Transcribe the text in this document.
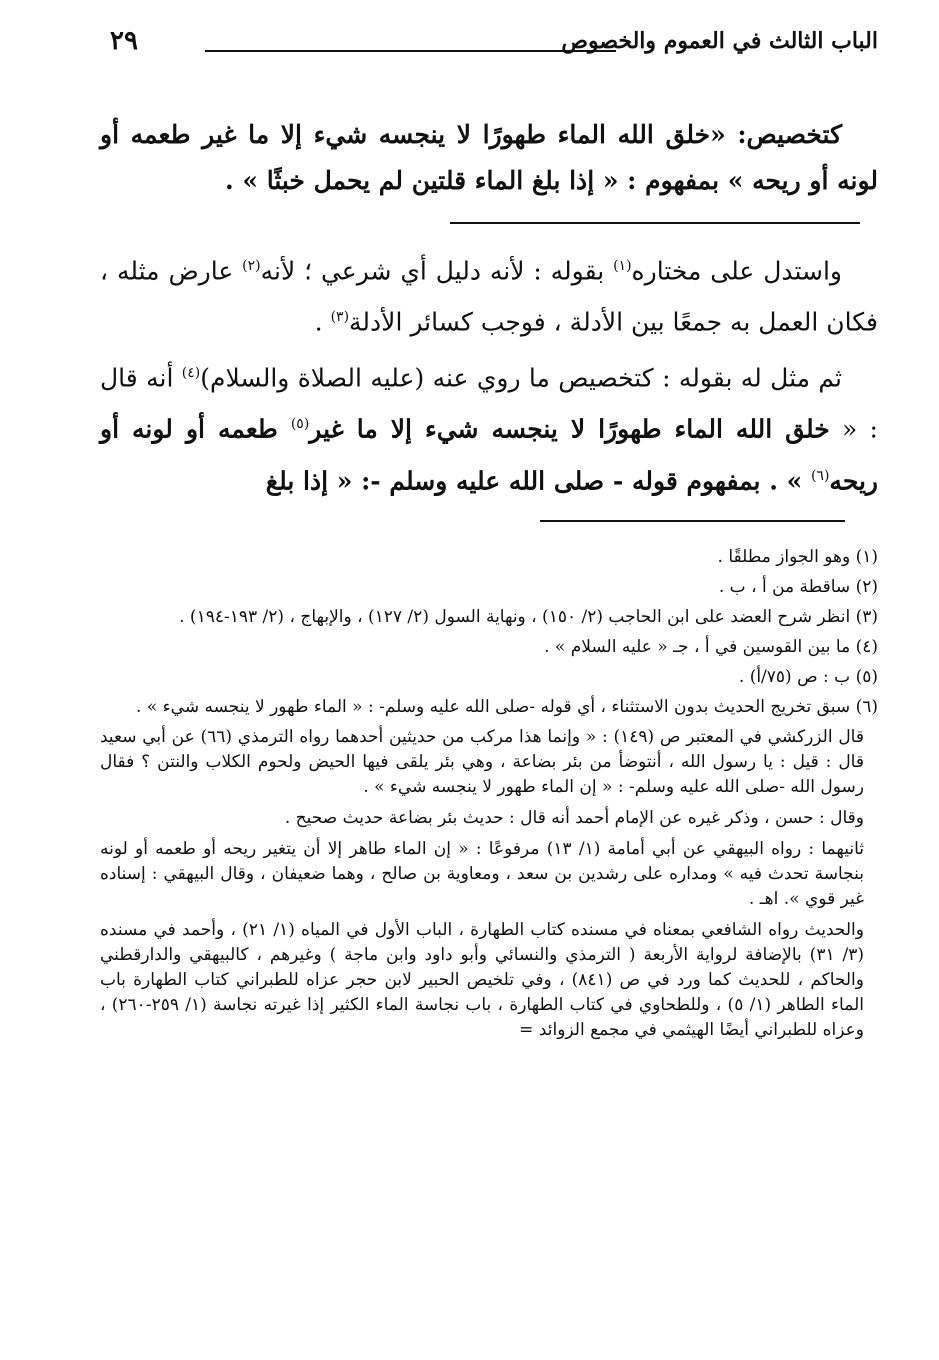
الباب الثالث في العموم والخصوص
٢٩

كتخصيص: «خلق الله الماء طهورًا لا ينجسه شيء إلا ما غير طعمه أو لونه أو ريحه » بمفهوم : « إذا بلغ الماء قلتين لم يحمل خبثًا » .

واستدل على مختاره$^{(١)}$ بقوله : لأنه دليل أي شرعي ؛ لأنه$^{(٢)}$ عارض مثله ، فكان العمل به جمعًا بين الأدلة ، فوجب كسائر الأدلة$^{(٣)}$ .

ثم مثل له بقوله : كتخصيص ما روي عنه (عليه الصلاة والسلام)$^{(٤)}$ أنه قال : « خلق الله الماء طهورًا لا ينجسه شيء إلا ما غير$^{(٥)}$ طعمه أو لونه أو ريحه$^{(٦)}$ » . بمفهوم قوله - صلى الله عليه وسلم -: « إذا بلغ

(١) وهو الجواز مطلقًا .

(٢) ساقطة من أ ، ب .

(٣) انظر شرح العضد على ابن الحاجب (٢/ ١٥٠) ، ونهاية السول (٢/ ١٢٧) ، والإبهاج ، (٢/ ١٩٣-١٩٤) .

(٤) ما بين القوسين في أ ، جـ « عليه السلام » .

(٥) ب : ص (٧٥/أ) .

(٦) سبق تخريج الحديث بدون الاستثناء ، أي قوله -صلى الله عليه وسلم- : « الماء طهور لا ينجسه شيء » .

قال الزركشي في المعتبر ص (١٤٩) : « وإنما هذا مركب من حديثين أحدهما رواه الترمذي (٦٦) عن أبي سعيد قال : قيل : يا رسول الله ، أنتوضأ من بئر بضاعة ، وهي بئر يلقى فيها الحيض ولحوم الكلاب والنتن ؟ فقال رسول الله -صلى الله عليه وسلم- : « إن الماء طهور لا ينجسه شيء » .

وقال : حسن ، وذكر غيره عن الإمام أحمد أنه قال : حديث بئر بضاعة حديث صحيح .

ثانيهما : رواه البيهقي عن أبي أمامة (١/ ١٣) مرفوعًا : « إن الماء طاهر إلا أن يتغير ريحه أو طعمه أو لونه بنجاسة تحدث فيه » ومداره على رشدين بن سعد ، ومعاوية بن صالح ، وهما ضعيفان ، وقال البيهقي : إسناده غير قوي ». اهـ .

والحديث رواه الشافعي بمعناه في مسنده كتاب الطهارة ، الباب الأول في المياه (١/ ٢١) ، وأحمد في مسنده (٣/ ٣١) بالإضافة لرواية الأربعة ( الترمذي والنسائي وأبو داود وابن ماجة ) وغيرهم ، كالبيهقي والدارقطني والحاكم ، للحديث كما ورد في ص (٨٤١) ، وفي تلخيص الحبير لابن حجر عزاه للطبراني كتاب الطهارة باب الماء الطاهر (١/ ٥) ، وللطحاوي في كتاب الطهارة ، باب نجاسة الماء الكثير إذا غيرته نجاسة (١/ ٢٥٩-٢٦٠) ، وعزاه للطبراني أيضًا الهيثمي في مجمع الزوائد =
